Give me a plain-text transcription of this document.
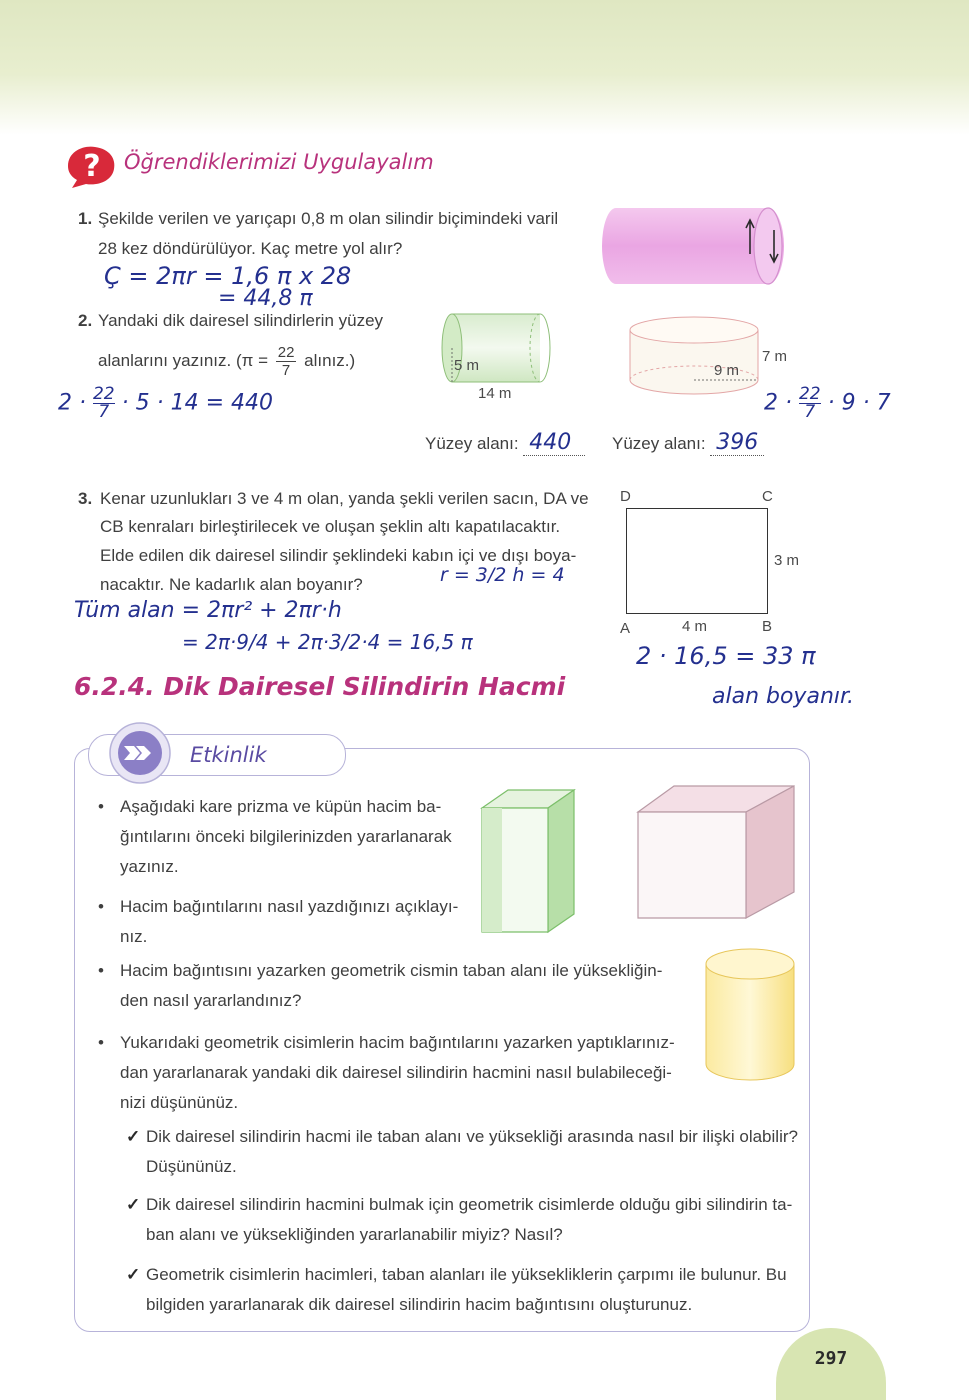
? Öğrendiklerimizi Uygulayalım
1. Şekilde verilen ve yarıçapı 0,8 m olan silindir biçimindeki varil
28 kez döndürülüyor. Kaç metre yol alır?
Ç = 2πr = 1,6 π x 28
= 44,8 π
2. Yandaki dik dairesel silindirlerin yüzey
alanlarını yazınız. ($\pi = \frac{22}{7}$ alınız.)	5 m
14 m
9 m
7 m
$2 \cdot \frac{22}{7} \cdot 5 \cdot 14 = 440$	$2 \cdot \frac{22}{7} \cdot 9 \cdot 7$
Yüzey alanı: 440	Yüzey alanı: 396
3. Kenar uzunlukları 3 ve 4 m olan, yanda şekli verilen sacın, DA ve
CB kenraları birleştirilecek ve oluşan şeklin altı kapatılacaktır.
Elde edilen dik dairesel silindir şeklindeki kabın içi ve dışı boya-
nacaktır. Ne kadarlık alan boyanır?	r = 3/2 h = 4
D	C
A	B
3 m
4 m
Tüm alan = 2πr² + 2πr·h
= 2π·9/4 + 2π·3/2·4 = 16,5 π	2 · 16,5 = 33 π
alan boyanır.
6.2.4. Dik Dairesel Silindirin Hacmi
Etkinlik
• Aşağıdaki kare prizma ve küpün hacim ba-
ğıntılarını önceki bilgilerinizden yararlanarak
yazınız.
• Hacim bağıntılarını nasıl yazdığınızı açıklayı-
nız.
• Hacim bağıntısını yazarken geometrik cismin taban alanı ile yüksekliğin-
den nasıl yararlandınız?
• Yukarıdaki geometrik cisimlerin hacim bağıntılarını yazarken yaptıklarınız-
dan yararlanarak yandaki dik dairesel silindirin hacmini nasıl bulabileceği-
nizi düşününüz.
✓ Dik dairesel silindirin hacmi ile taban alanı ve yüksekliği arasında nasıl bir ilişki olabilir?
Düşününüz.
✓ Dik dairesel silindirin hacmini bulmak için geometrik cisimlerde olduğu gibi silindirin ta-
ban alanı ve yüksekliğinden yararlanabilir miyiz? Nasıl?
✓ Geometrik cisimlerin hacimleri, taban alanları ile yüksekliklerin çarpımı ile bulunur. Bu
bilgiden yararlanarak dik dairesel silindirin hacim bağıntısını oluşturunuz.
297
